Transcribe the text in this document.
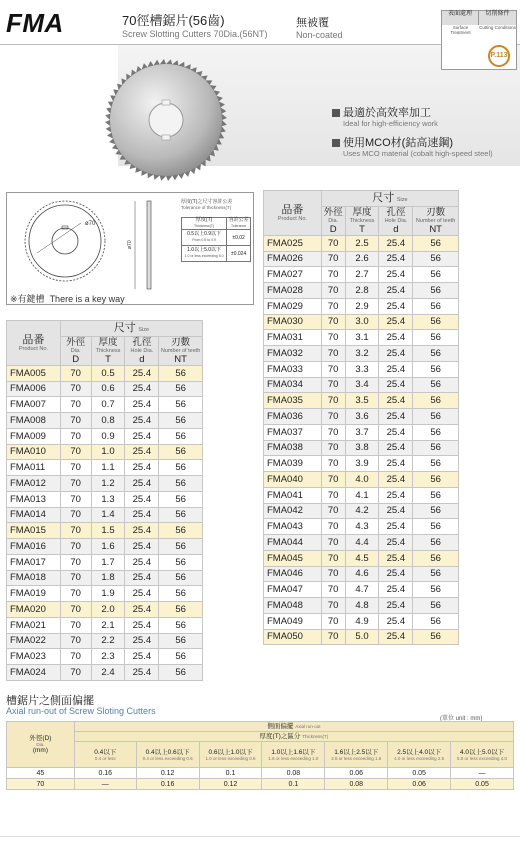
FMA	70徑槽鋸片(56齒)
Screw Slotting Cutters 70Dia.(56NT)
無被覆
Non-coated
表面處理	切削條件
Surface Treatment
Cutting Conditions
P.113
最適於高效率加工
Ideal for high-efficiency work
使用MCO材(鈷高速鋼)
Uses MCO material (cobalt high-speed steel)
ø70
ø70
厚度(T)之尺寸容許公差
Tolerance of thickness(T)
厚度(T)
Thickness(T)	容許公差
Tolerance
0.5以上0.9以下
From 0.5 to 0.9	±0.02
1.0以上5.0以下
1.0 or less exceeding 5.0	±0.024
※有鍵槽 There is a key way
品番
Product No.	尺寸 Size			
	外徑
Dia.
D	厚度
Thickness
T	孔徑
Hole Dia.
d	刃數
Number of teeth
NT
FMA005	70	0.5	25.4	56
FMA006	70	0.6	25.4	56
FMA007	70	0.7	25.4	56
FMA008	70	0.8	25.4	56
FMA009	70	0.9	25.4	56
FMA010	70	1.0	25.4	56
FMA011	70	1.1	25.4	56
FMA012	70	1.2	25.4	56
FMA013	70	1.3	25.4	56
FMA014	70	1.4	25.4	56
FMA015	70	1.5	25.4	56
FMA016	70	1.6	25.4	56
FMA017	70	1.7	25.4	56
FMA018	70	1.8	25.4	56
FMA019	70	1.9	25.4	56
FMA020	70	2.0	25.4	56
FMA021	70	2.1	25.4	56
FMA022	70	2.2	25.4	56
FMA023	70	2.3	25.4	56
FMA024	70	2.4	25.4	56
品番
Product No.	尺寸 Size			
	外徑
Dia.
D	厚度
Thickness
T	孔徑
Hole Dia.
d	刃數
Number of teeth
NT
FMA025	70	2.5	25.4	56
FMA026	70	2.6	25.4	56
FMA027	70	2.7	25.4	56
FMA028	70	2.8	25.4	56
FMA029	70	2.9	25.4	56
FMA030	70	3.0	25.4	56
FMA031	70	3.1	25.4	56
FMA032	70	3.2	25.4	56
FMA033	70	3.3	25.4	56
FMA034	70	3.4	25.4	56
FMA035	70	3.5	25.4	56
FMA036	70	3.6	25.4	56
FMA037	70	3.7	25.4	56
FMA038	70	3.8	25.4	56
FMA039	70	3.9	25.4	56
FMA040	70	4.0	25.4	56
FMA041	70	4.1	25.4	56
FMA042	70	4.2	25.4	56
FMA043	70	4.3	25.4	56
FMA044	70	4.4	25.4	56
FMA045	70	4.5	25.4	56
FMA046	70	4.6	25.4	56
FMA047	70	4.7	25.4	56
FMA048	70	4.8	25.4	56
FMA049	70	4.9	25.4	56
FMA050	70	5.0	25.4	56
槽鋸片之側面偏擺
Axial run-out of Screw Sloting Cutters
(單位 unit : mm)
外徑(D)
Dia.
(mm)	側面偏擺 Axial run-out						
	厚度(T)之區分 Thickness(T)						
	0.4以下
0.4 or less	0.4以上0.6以下
0.4 or less exceeding 0.6	0.6以上1.0以下
1.0 or less exceeding 0.6	1.0以上1.6以下
1.6 or less exceeding 1.0	1.6以上2.5以下
2.5 or less exceeding 1.6	2.5以上4.0以下
4.0 or less exceeding 2.5	4.0以上5.0以下
5.0 or less exceeding 4.0

45	0.16	0.12	0.1	0.08	0.06	0.05	—
70	—	0.16	0.12	0.1	0.08	0.06	0.05
